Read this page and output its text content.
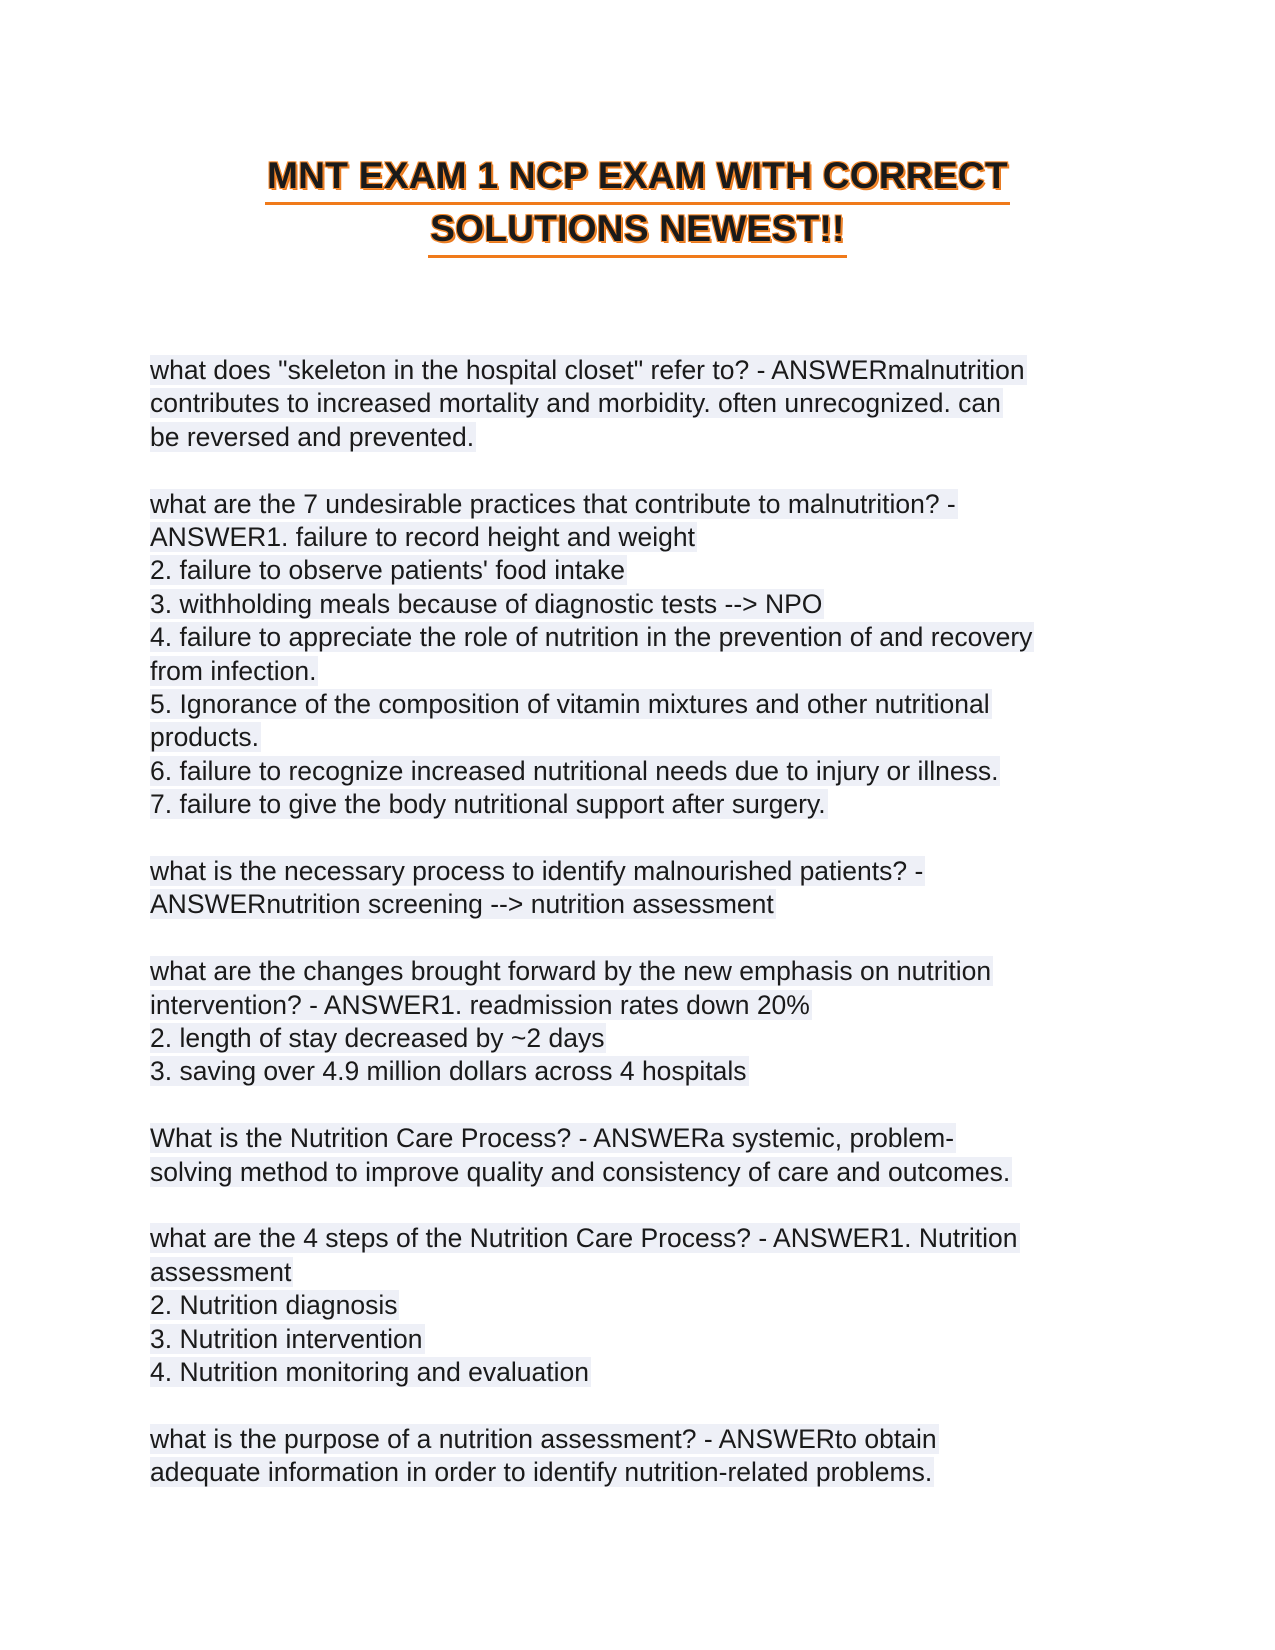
MNT EXAM 1 NCP EXAM WITH CORRECT
SOLUTIONS NEWEST!!
what does "skeleton in the hospital closet" refer to? - ANSWERmalnutrition
contributes to increased mortality and morbidity. often unrecognized. can
be reversed and prevented.
what are the 7 undesirable practices that contribute to malnutrition? -
ANSWER1. failure to record height and weight
2. failure to observe patients' food intake
3. withholding meals because of diagnostic tests --> NPO
4. failure to appreciate the role of nutrition in the prevention of and recovery
from infection.
5. Ignorance of the composition of vitamin mixtures and other nutritional
products.
6. failure to recognize increased nutritional needs due to injury or illness.
7. failure to give the body nutritional support after surgery.
what is the necessary process to identify malnourished patients? -
ANSWERnutrition screening --> nutrition assessment
what are the changes brought forward by the new emphasis on nutrition
intervention? - ANSWER1. readmission rates down 20%
2. length of stay decreased by ~2 days
3. saving over 4.9 million dollars across 4 hospitals
What is the Nutrition Care Process? - ANSWERa systemic, problem-
solving method to improve quality and consistency of care and outcomes.
what are the 4 steps of the Nutrition Care Process? - ANSWER1. Nutrition
assessment
2. Nutrition diagnosis
3. Nutrition intervention
4. Nutrition monitoring and evaluation
what is the purpose of a nutrition assessment? - ANSWERto obtain
adequate information in order to identify nutrition-related problems.
